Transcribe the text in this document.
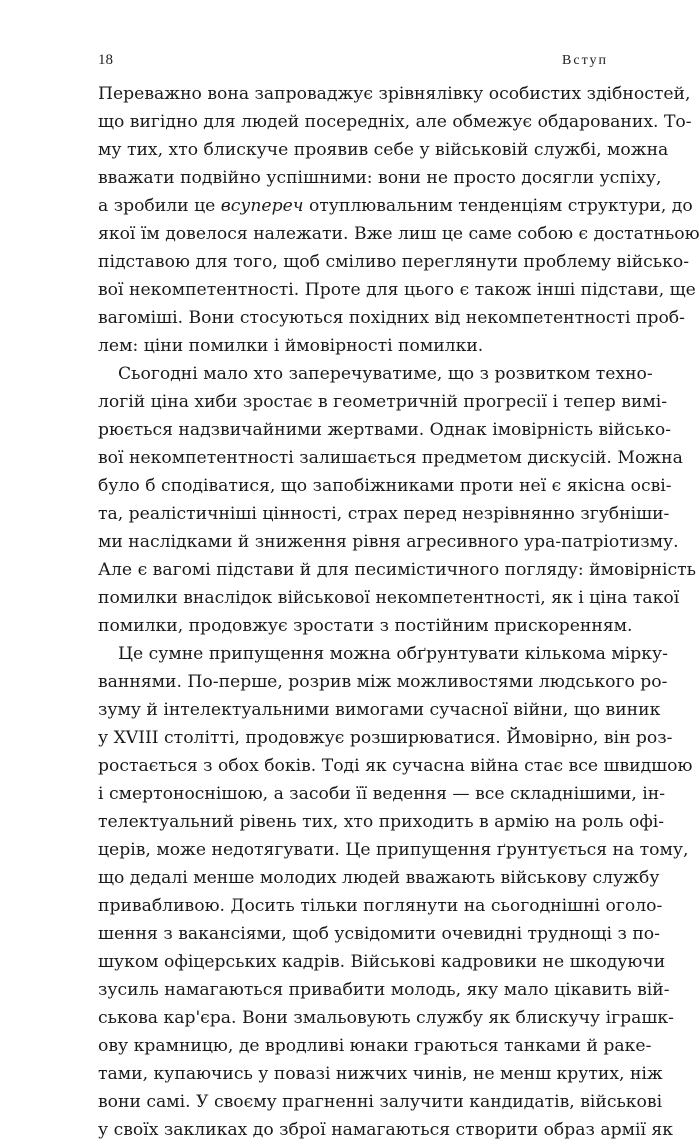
18	Вступ
Переважно вона запроваджує зрівнялівку особистих здібностей,
що вигідно для людей посередніх, але обмежує обдарованих. То-
му тих, хто блискуче проявив себе у військовій службі, можна
вважати подвійно успішними: вони не просто досягли успіху,
а зробили це всупереч отуплювальним тенденціям структури, до
якої їм довелося належати. Вже лиш це саме собою є достатньою
підставою для того, щоб сміливо переглянути проблему військо-
вої некомпетентності. Проте для цього є також інші підстави, ще
вагоміші. Вони стосуються похідних від некомпетентності проб-
лем: ціни помилки і ймовірності помилки.
Сьогодні мало хто заперечуватиме, що з розвитком техно-
логій ціна хиби зростає в геометричній прогресії і тепер вимі-
рюється надзвичайними жертвами. Однак імовірність військо-
вої некомпетентності залишається предметом дискусій. Можна
було б сподіватися, що запобіжниками проти неї є якісна осві-
та, реалістичніші цінності, страх перед незрівнянно згубніши-
ми наслідками й зниження рівня агресивного ура-патріотизму.
Але є вагомі підстави й для песимістичного погляду: ймовірність
помилки внаслідок військової некомпетентності, як і ціна такої
помилки, продовжує зростати з постійним прискоренням.
Це сумне припущення можна обґрунтувати кількома мірку-
ваннями. По-перше, розрив між можливостями людського ро-
зуму й інтелектуальними вимогами сучасної війни, що виник
у XVIII столітті, продовжує розширюватися. Ймовірно, він роз-
ростається з обох боків. Тоді як сучасна війна стає все швидшою
і смертоноснішою, а засоби її ведення — все складнішими, ін-
телектуальний рівень тих, хто приходить в армію на роль офі-
церів, може недотягувати. Це припущення ґрунтується на тому,
що дедалі менше молодих людей вважають військову службу
привабливою. Досить тільки поглянути на сьогоднішні оголо-
шення з вакансіями, щоб усвідомити очевидні труднощі з по-
шуком офіцерських кадрів. Військові кадровики не шкодуючи
зусиль намагаються привабити молодь, яку мало цікавить вій-
ськова кар'єра. Вони змальовують службу як блискучу іграшк-
ову крамницю, де вродливі юнаки граються танками й раке-
тами, купаючись у повазі нижчих чинів, не менш крутих, ніж
вони самі. У своєму прагненні залучити кандидатів, військові
у своїх закликах до зброї намагаються створити образ армії як
